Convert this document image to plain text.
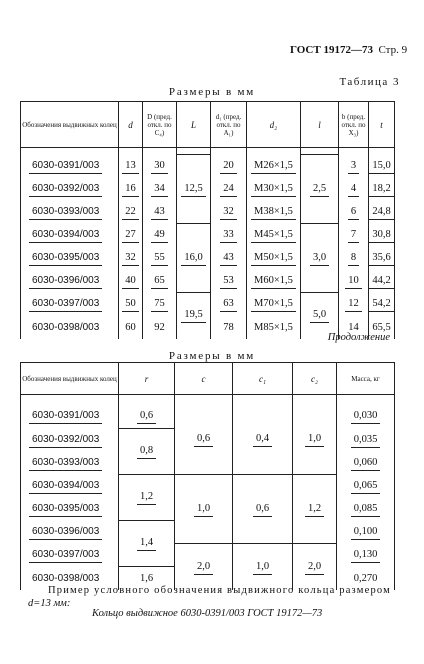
ГОСТ 19172—73 Стр. 9
Таблица 3
Размеры в мм
Обозначения выдвижных колец	d	D (пред. откл. по C₄)	L	d₁ (пред. откл. по A₁)	d₂	l	b (пред. откл. по X₃)	t

6030-0391/003	13	30	12,5	20	M26×1,5	2,5	3	15,0
6030-0392/003	16	34		24	M30×1,5		4	18,2
6030-0393/003	22	43		32	M38×1,5		6	24,8
6030-0394/003	27	49	16,0	33	M45×1,5	3,0	7	30,8
6030-0395/003	32	55		43	M50×1,5		8	35,6
6030-0396/003	40	65		53	M60×1,5		10	44,2
6030-0397/003	50	75	19,5	63	M70×1,5	5,0	12	54,2
6030-0398/003	60	92		78	M85×1,5		14	65,5
Продолжение
Размеры в мм
Обозначения выдвижных колец	r	c	c₁	c₂	Масса, кг

6030-0391/003	0,6	0,6	0,4	1,0	0,030
6030-0392/003	0,8				0,035
6030-0393/003					0,060
6030-0394/003	1,2	1,0	0,6	1,2	0,065
6030-0395/003					0,085
6030-0396/003	1,4				0,100
6030-0397/003		2,0	1,0	2,0	0,130
6030-0398/003	1,6				0,270
Пример условного обозначения выдвижного кольца размером
d=13 мм:
Кольцо выдвижное 6030-0391/003 ГОСТ 19172—73
